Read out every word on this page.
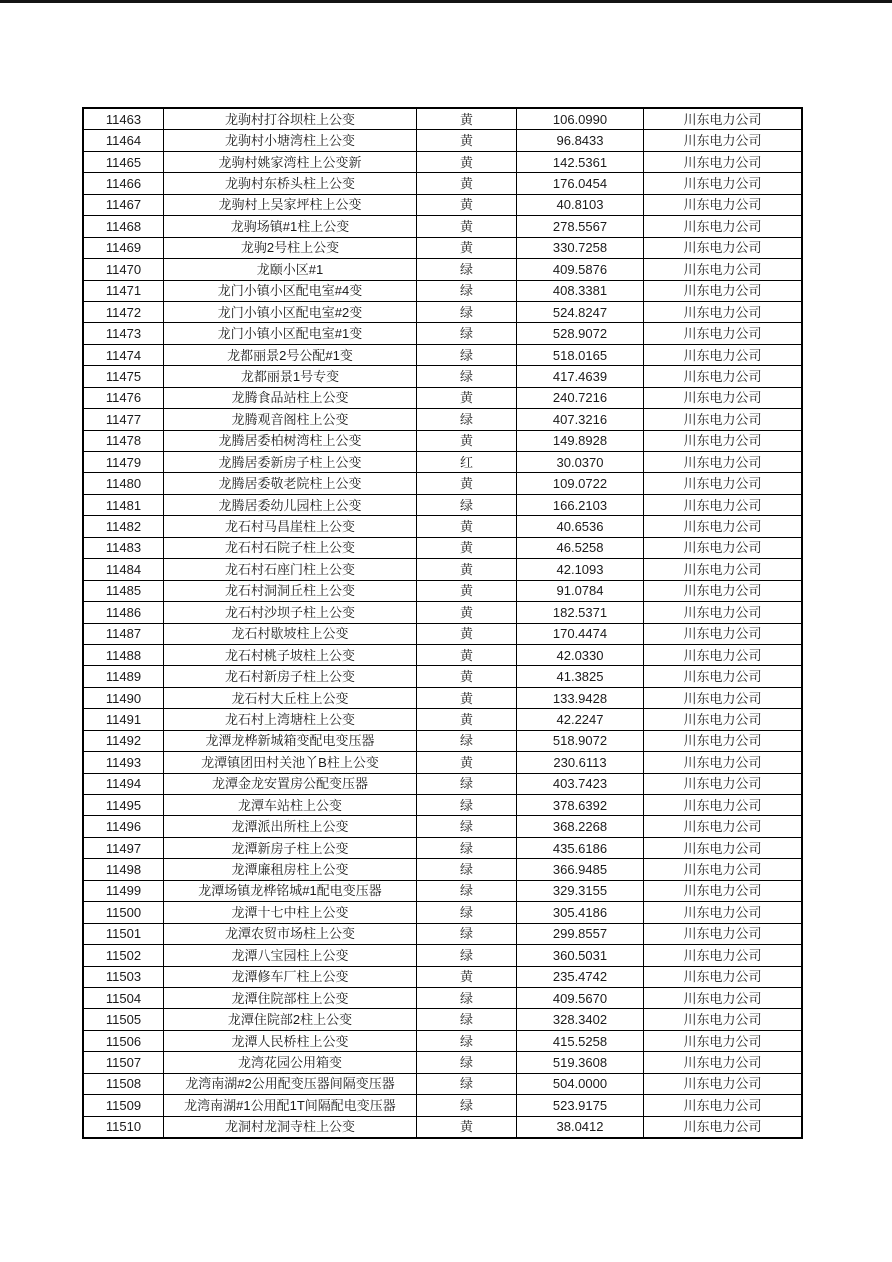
11463	龙驹村打谷坝柱上公变	黄	106.0990	川东电力公司
11464	龙驹村小塘湾柱上公变	黄	96.8433	川东电力公司
11465	龙驹村姚家湾柱上公变新	黄	142.5361	川东电力公司
11466	龙驹村东桥头柱上公变	黄	176.0454	川东电力公司
11467	龙驹村上吴家坪柱上公变	黄	40.8103	川东电力公司
11468	龙驹场镇#1柱上公变	黄	278.5567	川东电力公司
11469	龙驹2号柱上公变	黄	330.7258	川东电力公司
11470	龙颐小区#1	绿	409.5876	川东电力公司
11471	龙门小镇小区配电室#4变	绿	408.3381	川东电力公司
11472	龙门小镇小区配电室#2变	绿	524.8247	川东电力公司
11473	龙门小镇小区配电室#1变	绿	528.9072	川东电力公司
11474	龙都丽景2号公配#1变	绿	518.0165	川东电力公司
11475	龙都丽景1号专变	绿	417.4639	川东电力公司
11476	龙腾食品站柱上公变	黄	240.7216	川东电力公司
11477	龙腾观音阁柱上公变	绿	407.3216	川东电力公司
11478	龙腾居委柏树湾柱上公变	黄	149.8928	川东电力公司
11479	龙腾居委新房子柱上公变	红	30.0370	川东电力公司
11480	龙腾居委敬老院柱上公变	黄	109.0722	川东电力公司
11481	龙腾居委幼儿园柱上公变	绿	166.2103	川东电力公司
11482	龙石村马昌崖柱上公变	黄	40.6536	川东电力公司
11483	龙石村石院子柱上公变	黄	46.5258	川东电力公司
11484	龙石村石座门柱上公变	黄	42.1093	川东电力公司
11485	龙石村洞洞丘柱上公变	黄	91.0784	川东电力公司
11486	龙石村沙坝子柱上公变	黄	182.5371	川东电力公司
11487	龙石村歇坡柱上公变	黄	170.4474	川东电力公司
11488	龙石村桃子坡柱上公变	黄	42.0330	川东电力公司
11489	龙石村新房子柱上公变	黄	41.3825	川东电力公司
11490	龙石村大丘柱上公变	黄	133.9428	川东电力公司
11491	龙石村上湾塘柱上公变	黄	42.2247	川东电力公司
11492	龙潭龙桦新城箱变配电变压器	绿	518.9072	川东电力公司
11493	龙潭镇团田村关池丫B柱上公变	黄	230.6113	川东电力公司
11494	龙潭金龙安置房公配变压器	绿	403.7423	川东电力公司
11495	龙潭车站柱上公变	绿	378.6392	川东电力公司
11496	龙潭派出所柱上公变	绿	368.2268	川东电力公司
11497	龙潭新房子柱上公变	绿	435.6186	川东电力公司
11498	龙潭廉租房柱上公变	绿	366.9485	川东电力公司
11499	龙潭场镇龙桦铭城#1配电变压器	绿	329.3155	川东电力公司
11500	龙潭十七中柱上公变	绿	305.4186	川东电力公司
11501	龙潭农贸市场柱上公变	绿	299.8557	川东电力公司
11502	龙潭八宝园柱上公变	绿	360.5031	川东电力公司
11503	龙潭修车厂柱上公变	黄	235.4742	川东电力公司
11504	龙潭住院部柱上公变	绿	409.5670	川东电力公司
11505	龙潭住院部2柱上公变	绿	328.3402	川东电力公司
11506	龙潭人民桥柱上公变	绿	415.5258	川东电力公司
11507	龙湾花园公用箱变	绿	519.3608	川东电力公司
11508	龙湾南湖#2公用配变压器间隔变压器	绿	504.0000	川东电力公司
11509	龙湾南湖#1公用配1T间隔配电变压器	绿	523.9175	川东电力公司
11510	龙洞村龙洞寺柱上公变	黄	38.0412	川东电力公司
